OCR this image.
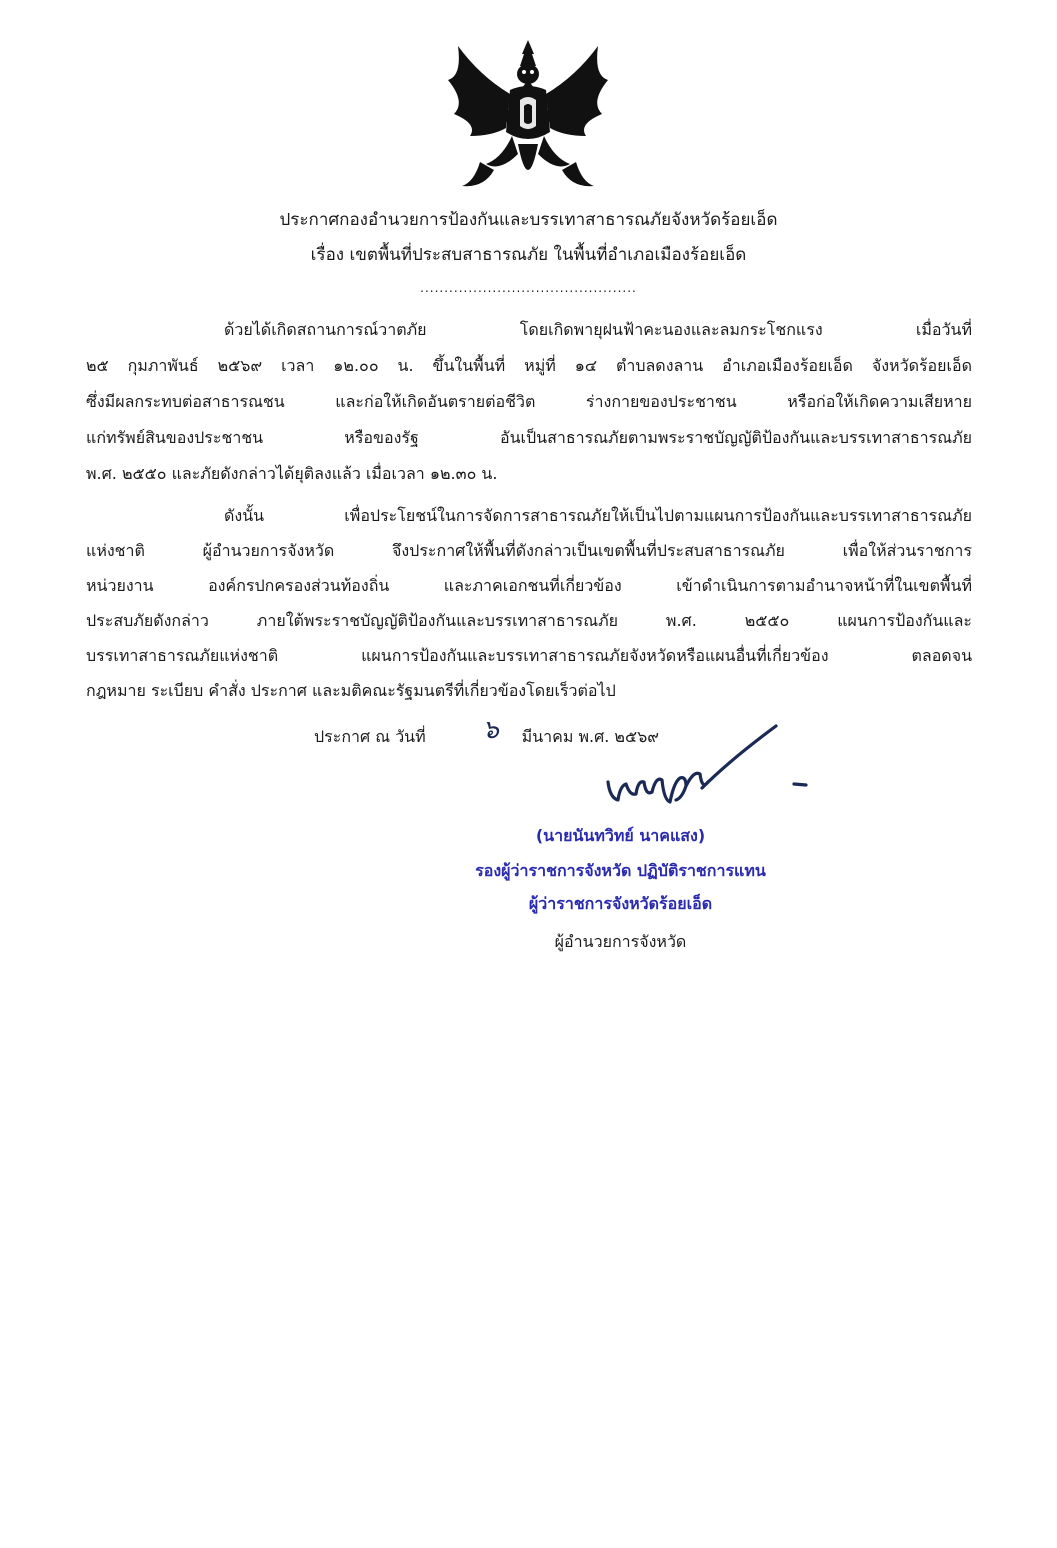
ประกาศกองอำนวยการป้องกันและบรรเทาสาธารณภัยจังหวัดร้อยเอ็ด
เรื่อง เขตพื้นที่ประสบสาธารณภัย ในพื้นที่อำเภอเมืองร้อยเอ็ด
.............................................
ด้วยได้เกิดสถานการณ์วาตภัย โดยเกิดพายุฝนฟ้าคะนองและลมกระโชกแรง เมื่อวันที่
๒๕ กุมภาพันธ์ ๒๕๖๙ เวลา ๑๒.๐๐ น. ขึ้นในพื้นที่ หมู่ที่ ๑๔ ตำบลดงลาน อำเภอเมืองร้อยเอ็ด จังหวัดร้อยเอ็ด
ซึ่งมีผลกระทบต่อสาธารณชน และก่อให้เกิดอันตรายต่อชีวิต ร่างกายของประชาชน หรือก่อให้เกิดความเสียหาย
แก่ทรัพย์สินของประชาชน หรือของรัฐ อันเป็นสาธารณภัยตามพระราชบัญญัติป้องกันและบรรเทาสาธารณภัย
พ.ศ. ๒๕๕๐ และภัยดังกล่าวได้ยุติลงแล้ว เมื่อเวลา ๑๒.๓๐ น.
ดังนั้น เพื่อประโยชน์ในการจัดการสาธารณภัยให้เป็นไปตามแผนการป้องกันและบรรเทาสาธารณภัย
แห่งชาติ ผู้อำนวยการจังหวัด จึงประกาศให้พื้นที่ดังกล่าวเป็นเขตพื้นที่ประสบสาธารณภัย เพื่อให้ส่วนราชการ
หน่วยงาน องค์กรปกครองส่วนท้องถิ่น และภาคเอกชนที่เกี่ยวข้อง เข้าดำเนินการตามอำนาจหน้าที่ในเขตพื้นที่
ประสบภัยดังกล่าว ภายใต้พระราชบัญญัติป้องกันและบรรเทาสาธารณภัย พ.ศ. ๒๕๕๐ แผนการป้องกันและ
บรรเทาสาธารณภัยแห่งชาติ แผนการป้องกันและบรรเทาสาธารณภัยจังหวัดหรือแผนอื่นที่เกี่ยวข้อง ตลอดจน
กฎหมาย ระเบียบ คำสั่ง ประกาศ และมติคณะรัฐมนตรีที่เกี่ยวข้องโดยเร็วต่อไป
ประกาศ ณ วันที่ ๖ มีนาคม พ.ศ. ๒๕๖๙
(นายนันทวิทย์ นาคแสง)
รองผู้ว่าราชการจังหวัด ปฏิบัติราชการแทน
ผู้ว่าราชการจังหวัดร้อยเอ็ด
ผู้อำนวยการจังหวัด
